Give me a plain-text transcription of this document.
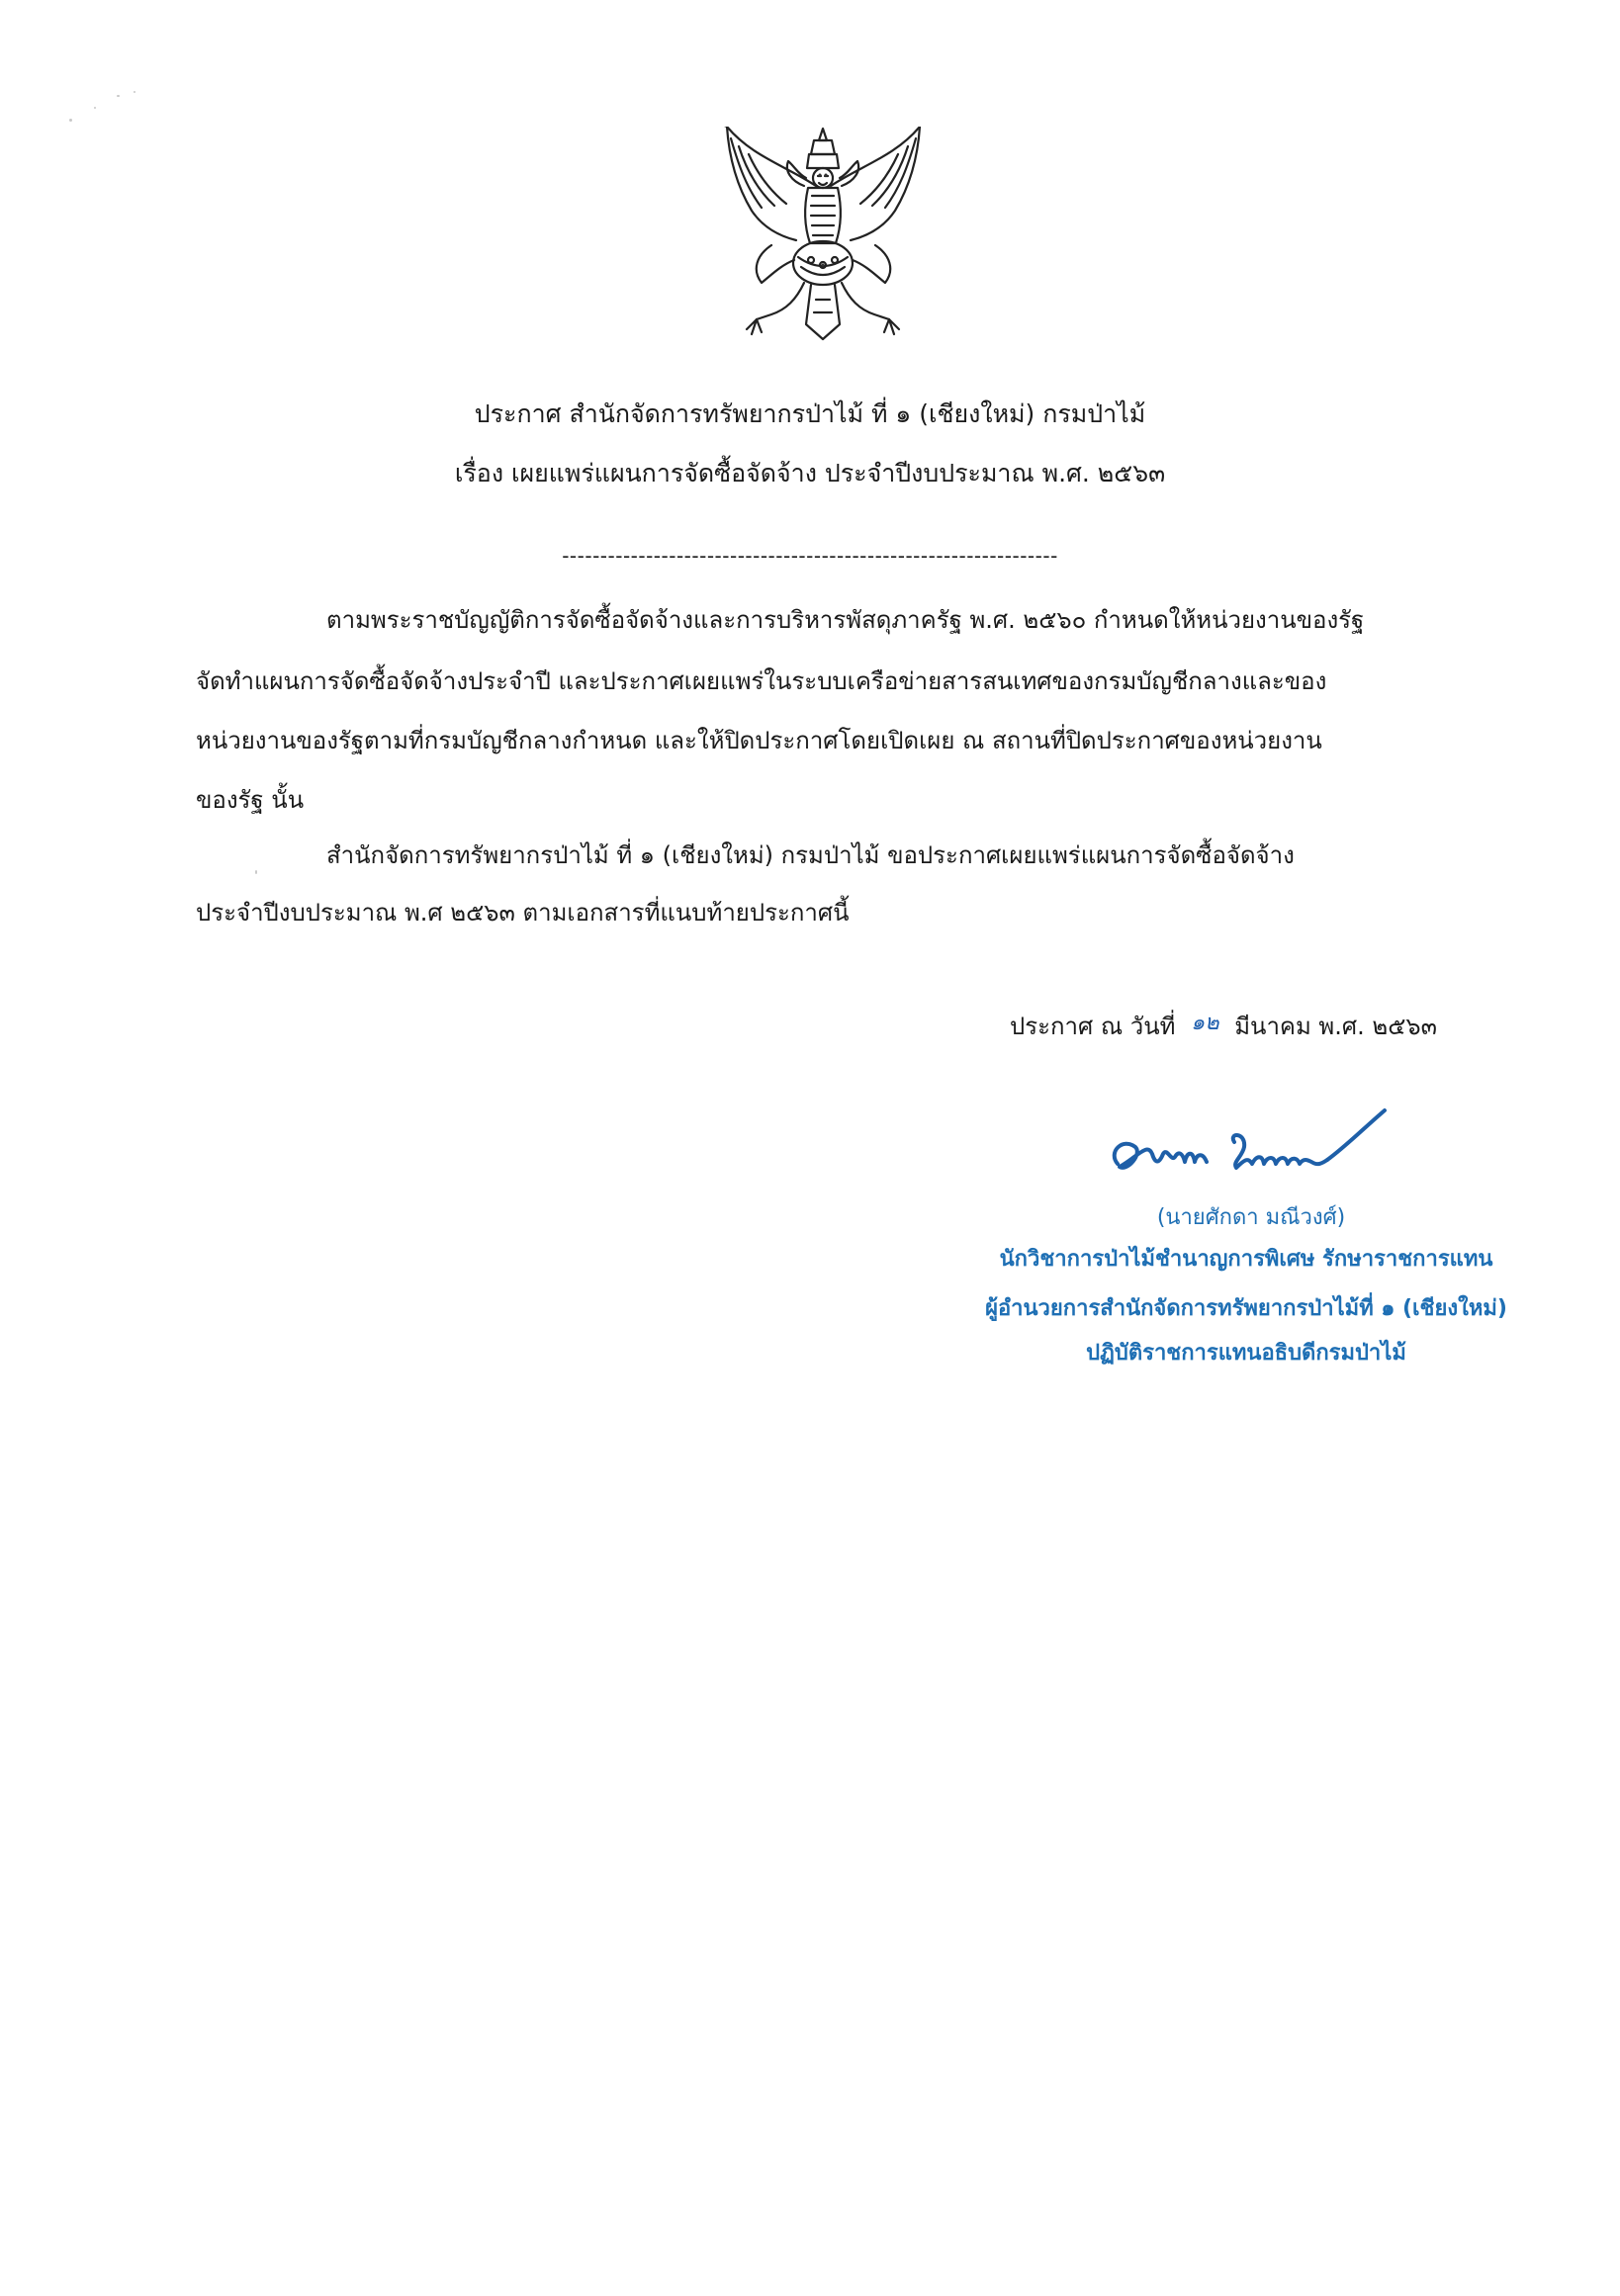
ประกาศ สำนักจัดการทรัพยากรป่าไม้ ที่ ๑ (เชียงใหม่) กรมป่าไม้
เรื่อง เผยแพร่แผนการจัดซื้อจัดจ้าง ประจำปีงบประมาณ พ.ศ. ๒๕๖๓
-----------------------------------------------------------------
ตามพระราชบัญญัติการจัดซื้อจัดจ้างและการบริหารพัสดุภาครัฐ พ.ศ. ๒๕๖๐ กำหนดให้หน่วยงานของรัฐ
จัดทำแผนการจัดซื้อจัดจ้างประจำปี และประกาศเผยแพร่ในระบบเครือข่ายสารสนเทศของกรมบัญชีกลางและของ
หน่วยงานของรัฐตามที่กรมบัญชีกลางกำหนด และให้ปิดประกาศโดยเปิดเผย ณ สถานที่ปิดประกาศของหน่วยงาน
ของรัฐ นั้น
สำนักจัดการทรัพยากรป่าไม้ ที่ ๑ (เชียงใหม่) กรมป่าไม้ ขอประกาศเผยแพร่แผนการจัดซื้อจัดจ้าง
ประจำปีงบประมาณ พ.ศ ๒๕๖๓ ตามเอกสารที่แนบท้ายประกาศนี้
ประกาศ ณ วันที่ ๑๒ มีนาคม พ.ศ. ๒๕๖๓
(นายศักดา มณีวงศ์)
นักวิชาการป่าไม้ชำนาญการพิเศษ รักษาราชการแทน
ผู้อำนวยการสำนักจัดการทรัพยากรป่าไม้ที่ ๑ (เชียงใหม่)
ปฏิบัติราชการแทนอธิบดีกรมป่าไม้
